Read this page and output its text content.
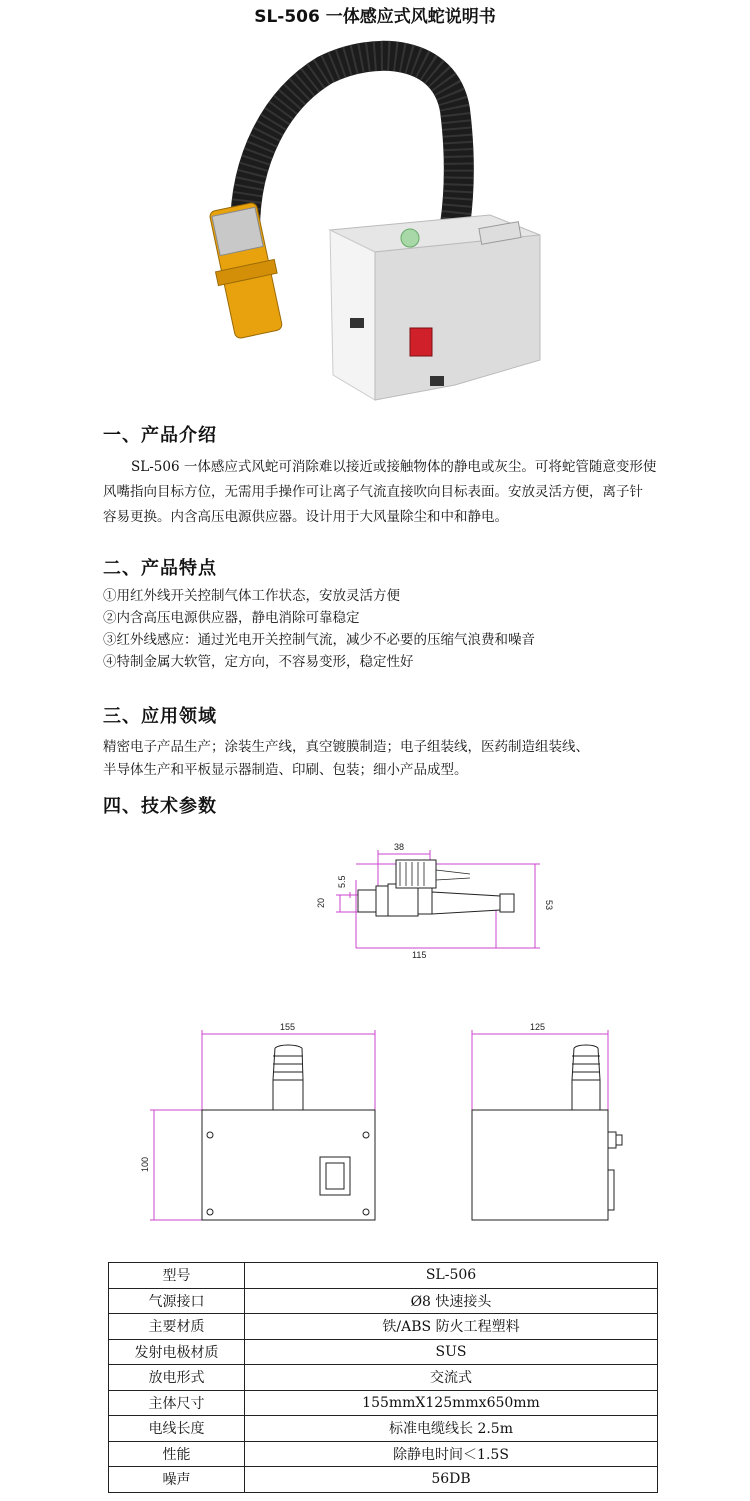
SL-506 一体感应式风蛇说明书
一、产品介绍
SL-506 一体感应式风蛇可消除难以接近或接触物体的静电或灰尘。可将蛇管随意变形使
风嘴指向目标方位，无需用手操作可让离子气流直接吹向目标表面。安放灵活方便，离子针
容易更换。内含高压电源供应器。设计用于大风量除尘和中和静电。
二、产品特点
①用红外线开关控制气体工作状态，安放灵活方便
②内含高压电源供应器，静电消除可靠稳定
③红外线感应：通过光电开关控制气流，减少不必要的压缩气浪费和噪音
④特制金属大软管，定方向，不容易变形，稳定性好
三、应用领域
精密电子产品生产；涂装生产线，真空镀膜制造；电子组装线，医药制造组装线、
半导体生产和平板显示器制造、印刷、包装；细小产品成型。
四、技术参数
38
5.5
20	53
115
155
100
125
型号	SL-506
气源接口	Ø8 快速接头
主要材质	铁/ABS 防火工程塑料
发射电极材质	SUS
放电形式	交流式
主体尺寸	155mmX125mmx650mm
电线长度	标准电缆线长 2.5m
性能	除静电时间＜1.5S
噪声	56DB
